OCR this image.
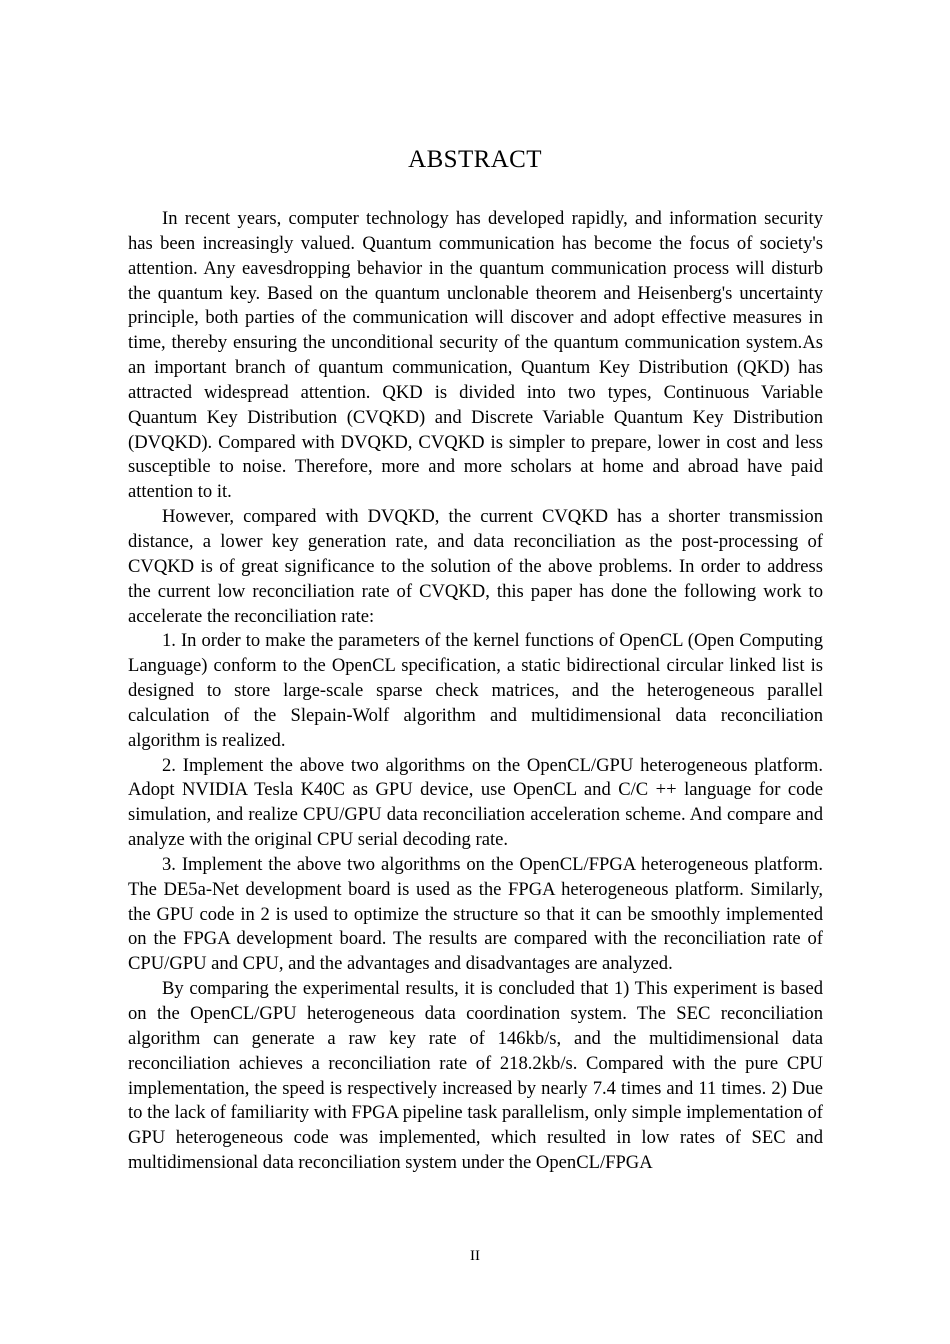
ABSTRACT

In recent years, computer technology has developed rapidly, and information security has been increasingly valued. Quantum communication has become the focus of society's attention. Any eavesdropping behavior in the quantum communication process will disturb the quantum key. Based on the quantum unclonable theorem and Heisenberg's uncertainty principle, both parties of the communication will discover and adopt effective measures in time, thereby ensuring the unconditional security of the quantum communication system.As an important branch of quantum communication, Quantum Key Distribution (QKD) has attracted widespread attention. QKD is divided into two types, Continuous Variable Quantum Key Distribution (CVQKD) and Discrete Variable Quantum Key Distribution (DVQKD). Compared with DVQKD, CVQKD is simpler to prepare, lower in cost and less susceptible to noise. Therefore, more and more scholars at home and abroad have paid attention to it.

However, compared with DVQKD, the current CVQKD has a shorter transmission distance, a lower key generation rate, and data reconciliation as the post-processing of CVQKD is of great significance to the solution of the above problems. In order to address the current low reconciliation rate of CVQKD, this paper has done the following work to accelerate the reconciliation rate:

1. In order to make the parameters of the kernel functions of OpenCL (Open Computing Language) conform to the OpenCL specification, a static bidirectional circular linked list is designed to store large-scale sparse check matrices, and the heterogeneous parallel calculation of the Slepain-Wolf algorithm and multidimensional data reconciliation algorithm is realized.

2. Implement the above two algorithms on the OpenCL/GPU heterogeneous platform. Adopt NVIDIA Tesla K40C as GPU device, use OpenCL and C/C ++ language for code simulation, and realize CPU/GPU data reconciliation acceleration scheme. And compare and analyze with the original CPU serial decoding rate.

3. Implement the above two algorithms on the OpenCL/FPGA heterogeneous platform. The DE5a-Net development board is used as the FPGA heterogeneous platform. Similarly, the GPU code in 2 is used to optimize the structure so that it can be smoothly implemented on the FPGA development board. The results are compared with the reconciliation rate of CPU/GPU and CPU, and the advantages and disadvantages are analyzed.

By comparing the experimental results, it is concluded that 1) This experiment is based on the OpenCL/GPU heterogeneous data coordination system. The SEC reconciliation algorithm can generate a raw key rate of 146kb/s, and the multidimensional data reconciliation achieves a reconciliation rate of 218.2kb/s. Compared with the pure CPU implementation, the speed is respectively increased by nearly 7.4 times and 11 times. 2) Due to the lack of familiarity with FPGA pipeline task parallelism, only simple implementation of GPU heterogeneous code was implemented, which resulted in low rates of SEC and multidimensional data reconciliation system under the OpenCL/FPGA

II
